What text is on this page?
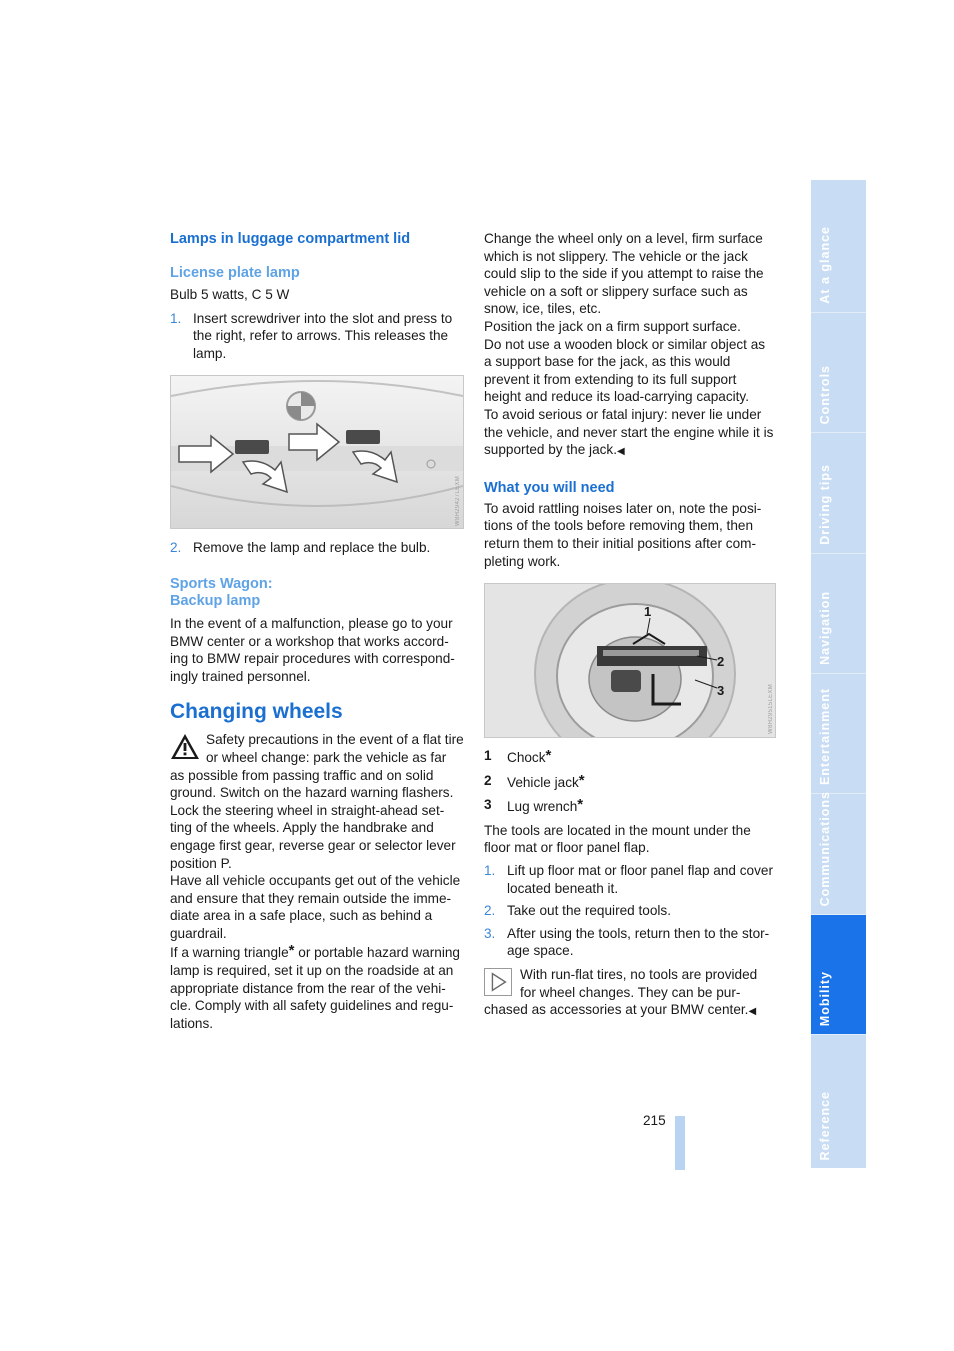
Lamps in luggage compartment lid

License plate lamp

Bulb 5 watts, C 5 W

1. Insert screwdriver into the slot and press to the right, refer to arrows. This releases the lamp.
W8H29427LEXM
2. Remove the lamp and replace the bulb.

Sports Wagon:

Backup lamp

In the event of a malfunction, please go to your BMW center or a workshop that works accord-ing to BMW repair procedures with correspond-ingly trained personnel.

Changing wheels

Safety precautions in the event of a flat tire or wheel change: park the vehicle as far as possible from passing traffic and on solid ground. Switch on the hazard warning flashers. Lock the steering wheel in straight-ahead set-ting of the wheels. Apply the handbrake and engage first gear, reverse gear or selector lever position P.

Have all vehicle occupants get out of the vehicle and ensure that they remain outside the imme-diate area in a safe place, such as behind a guardrail.

If a warning triangle* or portable hazard warning lamp is required, set it up on the roadside at an appropriate distance from the rear of the vehi-cle. Comply with all safety guidelines and regu-lations.

Change the wheel only on a level, firm surface which is not slippery. The vehicle or the jack could slip to the side if you attempt to raise the vehicle on a soft or slippery surface such as snow, ice, tiles, etc.

Position the jack on a firm support surface.

Do not use a wooden block or similar object as a support base for the jack, as this would prevent it from extending to its full support height and reduce its load-carrying capacity.

To avoid serious or fatal injury: never lie under the vehicle, and never start the engine while it is supported by the jack.◀

What you will need

To avoid rattling noises later on, note the posi-tions of the tools before removing them, then return them to their initial positions after com-pleting work.

1
2
3	W8H29515LEXM
1	Chock*
2	Vehicle jack*
3	Lug wrench*

The tools are located in the mount under the floor mat or floor panel flap.

1. Lift up floor mat or floor panel flap and cover located beneath it.
2. Take out the required tools.
3. After using the tools, return then to the stor-age space.

With run-flat tires, no tools are provided for wheel changes. They can be pur-chased as accessories at your BMW center.◀

At a glance
Controls
Driving tips
Navigation
Entertainment
Communications
Mobility
Reference
215
